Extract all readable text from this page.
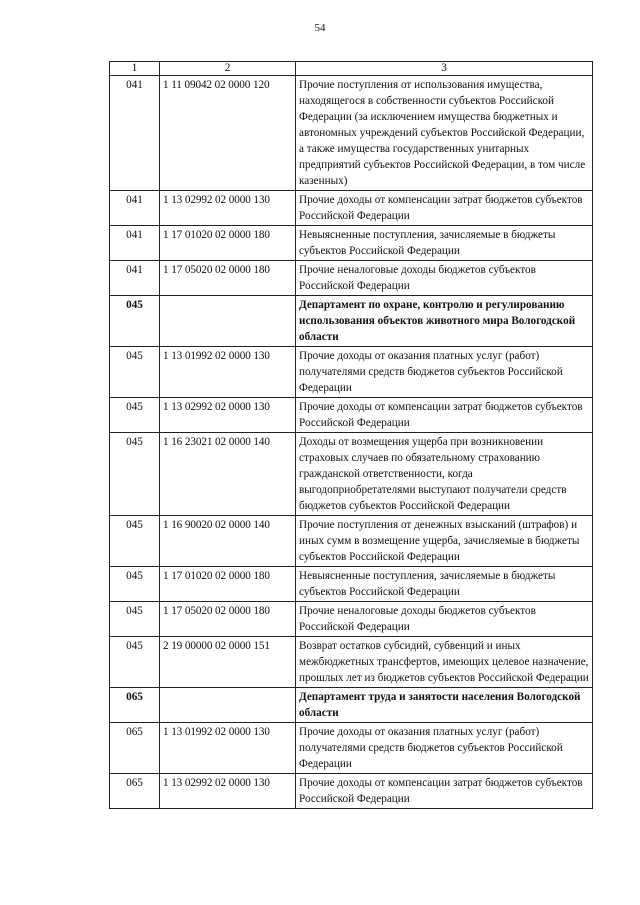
54
1	2	3
041	1 11 09042 02 0000 120	Прочие поступления от использования имущества, находящегося в собственности субъектов Российской Федерации (за исключением имущества бюджетных и автономных учреждений субъектов Российской Федерации, а также имущества государственных унитарных предприятий субъектов Российской Федерации, в том числе казенных)
041	1 13 02992 02 0000 130	Прочие доходы от компенсации затрат бюджетов субъектов Российской Федерации
041	1 17 01020 02 0000 180	Невыясненные поступления, зачисляемые в бюджеты субъектов Российской Федерации
041	1 17 05020 02 0000 180	Прочие неналоговые доходы бюджетов субъектов Российской Федерации
045		Департамент по охране, контролю и регулированию использования объектов животного мира Вологодской области
045	1 13 01992 02 0000 130	Прочие доходы от оказания платных услуг (работ) получателями средств бюджетов субъектов Российской Федерации
045	1 13 02992 02 0000 130	Прочие доходы от компенсации затрат бюджетов субъектов Российской Федерации
045	1 16 23021 02 0000 140	Доходы от возмещения ущерба при возникновении страховых случаев по обязательному страхованию гражданской ответственности, когда выгодоприобретателями выступают получатели средств бюджетов субъектов Российской Федерации
045	1 16 90020 02 0000 140	Прочие поступления от денежных взысканий (штрафов) и иных сумм в возмещение ущерба, зачисляемые в бюджеты субъектов Российской Федерации
045	1 17 01020 02 0000 180	Невыясненные поступления, зачисляемые в бюджеты субъектов Российской Федерации
045	1 17 05020 02 0000 180	Прочие неналоговые доходы бюджетов субъектов Российской Федерации
045	2 19 00000 02 0000 151	Возврат остатков субсидий, субвенций и иных межбюджетных трансфертов, имеющих целевое назначение, прошлых лет из бюджетов субъектов Российской Федерации
065		Департамент труда и занятости населения Вологодской области
065	1 13 01992 02 0000 130	Прочие доходы от оказания платных услуг (работ) получателями средств бюджетов субъектов Российской Федерации
065	1 13 02992 02 0000 130	Прочие доходы от компенсации затрат бюджетов субъектов Российской Федерации
